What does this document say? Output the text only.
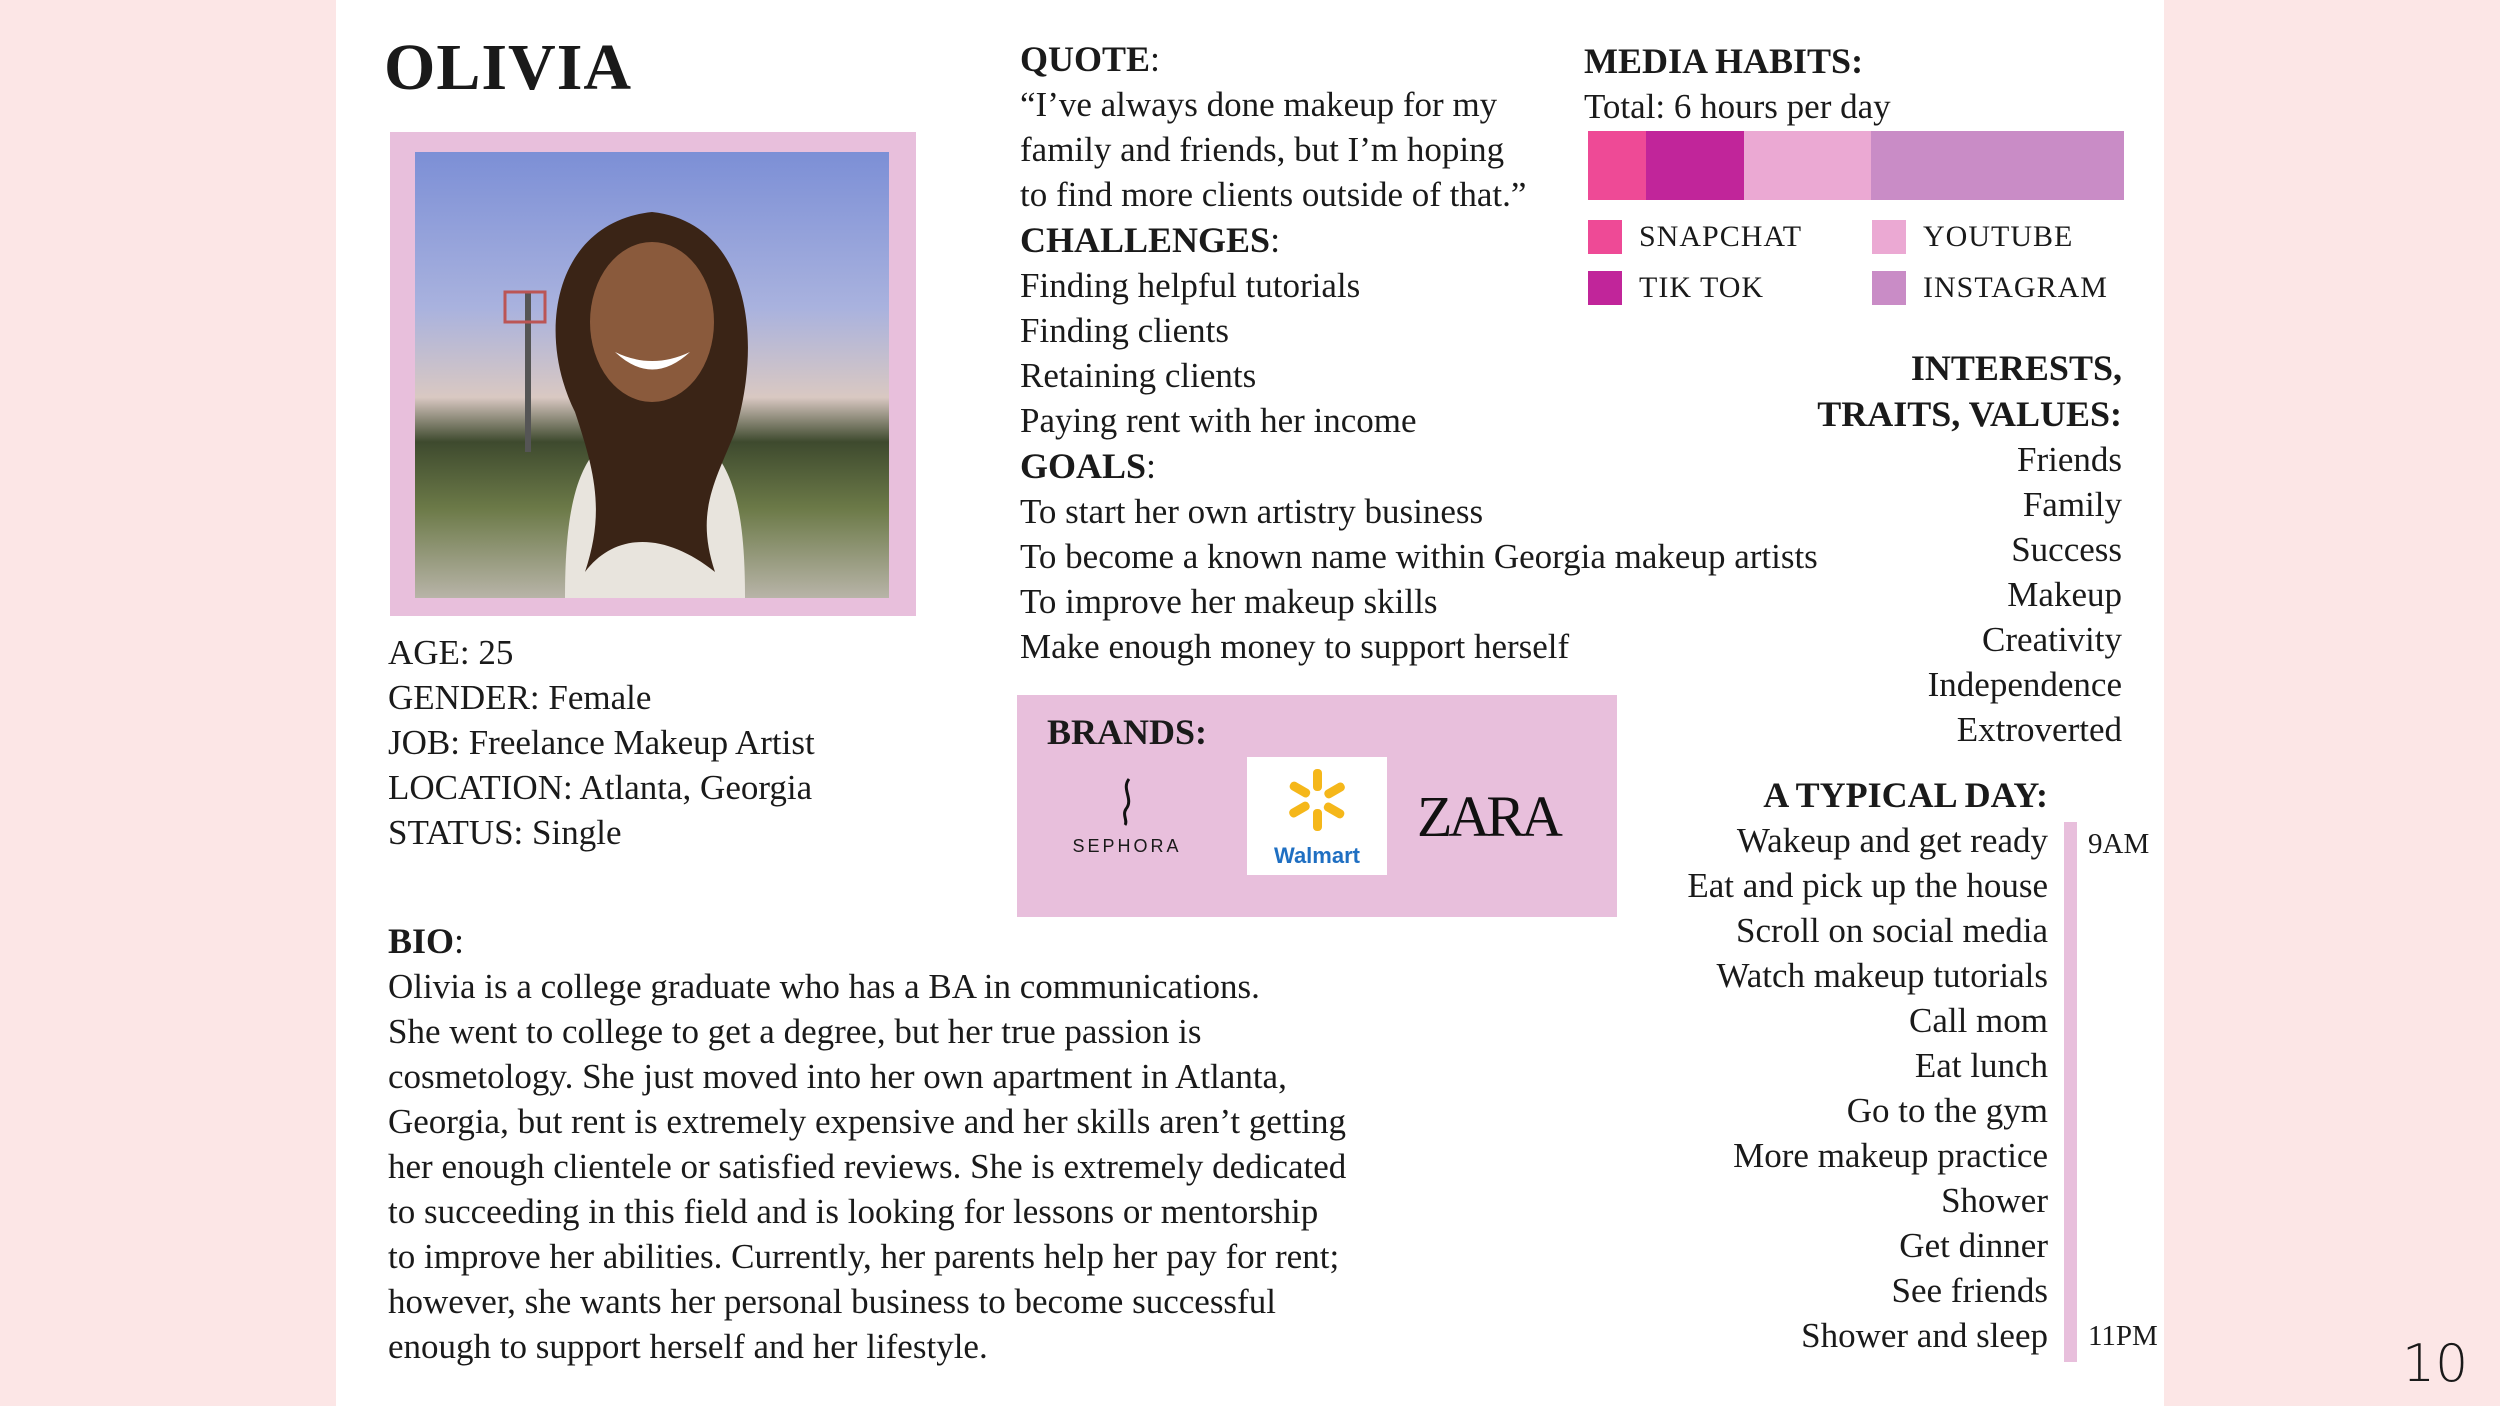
OLIVIA
AGE: 25
GENDER: Female
JOB: Freelance Makeup Artist
LOCATION: Atlanta, Georgia
STATUS: Single
BIO:
Olivia is a college graduate who has a BA in communications.
She went to college to get a degree, but her true passion is
cosmetology. She just moved into her own apartment in Atlanta,
Georgia, but rent is extremely expensive and her skills aren’t getting
her enough clientele or satisfied reviews. She is extremely dedicated
to succeeding in this field and is looking for lessons or mentorship
to improve her abilities. Currently, her parents help her pay for rent;
however, she wants her personal business to become successful
enough to support herself and her lifestyle.
QUOTE:
“I’ve always done makeup for my
family and friends, but I’m hoping
to find more clients outside of that.”
CHALLENGES:
Finding helpful tutorials
Finding clients
Retaining clients
Paying rent with her income
GOALS:
To start her own artistry business
To become a known name within Georgia makeup artists
To improve her makeup skills
Make enough money to support herself
BRANDS:
SEPHORA	Walmart
ZARA
MEDIA HABITS:
Total: 6 hours per day
SNAPCHAT	YOUTUBE
TIK TOK	INSTAGRAM
INTERESTS,
TRAITS, VALUES:
Friends
Family
Success
Makeup
Creativity
Independence
Extroverted
A TYPICAL DAY:
Wakeup and get ready
Eat and pick up the house
Scroll on social media
Watch makeup tutorials
Call mom
Eat lunch
Go to the gym
More makeup practice
Shower
Get dinner
See friends
Shower and sleep
9AM
11PM	10
